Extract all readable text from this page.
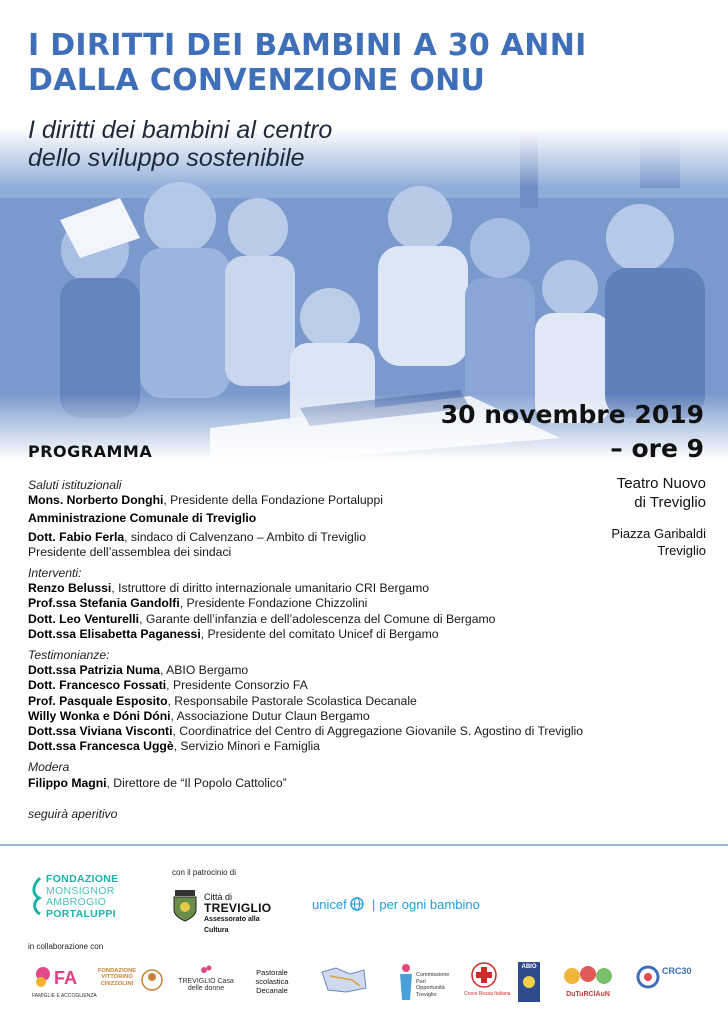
I DIRITTI DEI BAMBINI A 30 ANNI
DALLA CONVENZIONE ONU
I diritti dei bambini al centro
dello sviluppo sostenibile
30 novembre 2019
– ore 9
PROGRAMMA
Teatro Nuovo
di Treviglio
Piazza Garibaldi
Treviglio
Saluti istituzionali
Mons. Norberto Donghi, Presidente della Fondazione Portaluppi
Amministrazione Comunale di Treviglio
Dott. Fabio Ferla, sindaco di Calvenzano – Ambito di Treviglio
Presidente dell’assemblea dei sindaci
Interventi:
Renzo Belussi, Istruttore di diritto internazionale umanitario CRI Bergamo
Prof.ssa Stefania Gandolfi, Presidente Fondazione Chizzolini
Dott. Leo Venturelli, Garante dell’infanzia e dell’adolescenza del Comune di Bergamo
Dott.ssa Elisabetta Paganessi, Presidente del comitato Unicef di Bergamo
Testimonianze:
Dott.ssa Patrizia Numa, ABIO Bergamo
Dott. Francesco Fossati, Presidente Consorzio FA
Prof. Pasquale Esposito, Responsabile Pastorale Scolastica Decanale
Willy Wonka e Dóni Dóni, Associazione Dutur Claun Bergamo
Dott.ssa Viviana Visconti, Coordinatrice del Centro di Aggregazione Giovanile S. Agostino di Treviglio
Dott.ssa Francesca Uggè, Servizio Minori e Famiglia
Modera
Filippo Magni, Direttore de “Il Popolo Cattolico”
seguirà aperitivo
FONDAZIONE
MONSIGNOR
AMBROGIO
PORTALUPPI
con il patrocinio di
Città di
TREVIGLIO
Assessorato alla Cultura
unicef | per ogni bambino
in collaborazione con
FA
FAMIGLIE E ACCOGLIENZA
FONDAZIONE VITTORINO CHIZZOLINI	TREVIGLIO Casa delle donne
Pastorale scolastica Decanale
Commissione Pari Opportunità Treviglio	Croce Rossa Italiana
ABIO
DuTuRClAuN
CRC30
